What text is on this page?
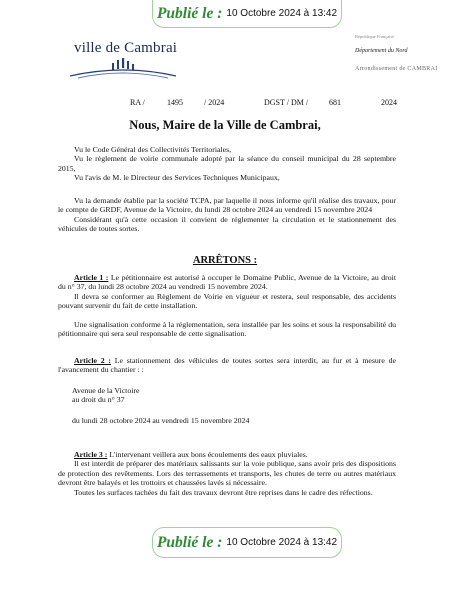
Publié le : 10 Octobre 2024 à 13:42
ville de Cambrai
République Française
Département du Nord
Arrondissement de CAMBRAI
RA /	1495	/ 2024	DGST / DM /	681	2024
Nous, Maire de la Ville de Cambrai,

Vu le Code Général des Collectivités Territoriales,

Vu le règlement de voirie communale adopté par la séance du conseil municipal du 28 septembre 2015,

Vu l'avis de M. le Directeur des Services Techniques Municipaux,

Vu la demande établie par la société TCPA, par laquelle il nous informe qu'il réalise des travaux, pour le compte de GRDF, Avenue de la Victoire, du lundi 28 octobre 2024 au vendredi 15 novembre 2024

Considérant qu'à cette occasion il convient de réglementer la circulation et le stationnement des véhicules de toutes sortes.

ARRÊTONS :

Article 1 : Le pétitionnaire est autorisé à occuper le Domaine Public, Avenue de la Victoire, au droit du n° 37, du lundi 28 octobre 2024 au vendredi 15 novembre 2024.

Il devra se conformer au Règlement de Voirie en vigueur et restera, seul responsable, des accidents pouvant survenir du fait de cette installation.

Une signalisation conforme à la réglementation, sera installée par les soins et sous la responsabilité du pétitionnaire qui sera seul responsable de cette signalisation.

Article 2 : Le stationnement des véhicules de toutes sortes sera interdit, au fur et à mesure de l'avancement du chantier : :

Avenue de la Victoire

au droit du n° 37

du lundi 28 octobre 2024 au vendredi 15 novembre 2024

Article 3 : L'intervenant veillera aux bons écoulements des eaux pluviales.

Il est interdit de préparer des matériaux salissants sur la voie publique, sans avoir pris des dispositions de protection des revêtements. Lors des terrassements et transports, les chutes de terre ou autres matériaux devront être balayés et les trottoirs et chaussées lavés si nécessaire.

Toutes les surfaces tachées du fait des travaux devront être reprises dans le cadre des réfections.

Publié le : 10 Octobre 2024 à 13:42
